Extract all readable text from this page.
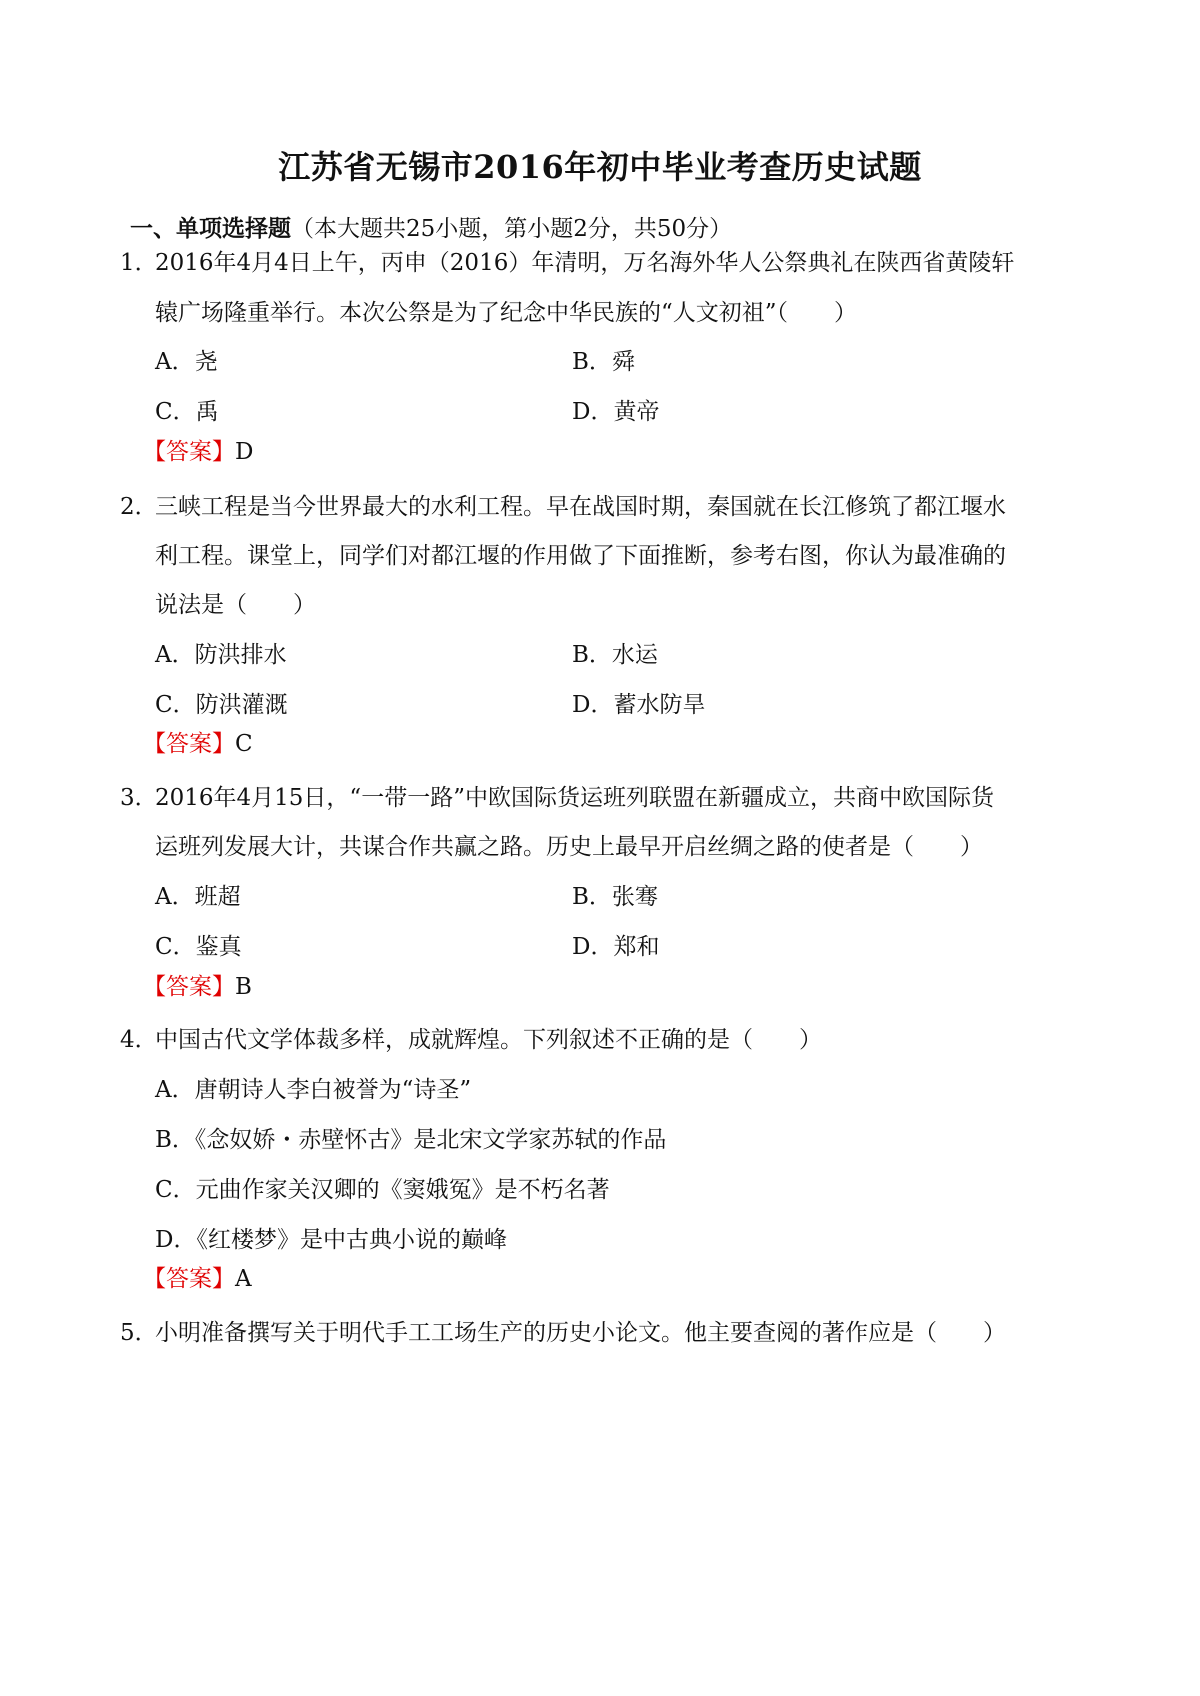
江苏省无锡市2016年初中毕业考查历史试题
一、单项选择题（本大题共25小题，第小题2分，共50分）
1．
2016年4月4日上午，丙申（2016）年清明，万名海外华人公祭典礼在陕西省黄陵轩
辕广场隆重举行。本次公祭是为了纪念中华民族的“人文初祖”（　　）
A．尧	B．舜
C．禹	D．黄帝
【答案】D
2．
三峡工程是当今世界最大的水利工程。早在战国时期，秦国就在长江修筑了都江堰水
利工程。课堂上，同学们对都江堰的作用做了下面推断，参考右图，你认为最准确的
说法是（　　）
A．防洪排水	B．水运
C．防洪灌溉	D．蓄水防旱
【答案】C
3．
2016年4月15日，“一带一路”中欧国际货运班列联盟在新疆成立，共商中欧国际货
运班列发展大计，共谋合作共赢之路。历史上最早开启丝绸之路的使者是（　　）
A．班超	B．张骞
C．鉴真	D．郑和
【答案】B
4．
中国古代文学体裁多样，成就辉煌。下列叙述不正确的是（　　）
A．唐朝诗人李白被誉为“诗圣”
B．《念奴娇・赤壁怀古》是北宋文学家苏轼的作品
C．元曲作家关汉卿的《窦娥冤》是不朽名著
D．《红楼梦》是中古典小说的巅峰
【答案】A
5．
小明准备撰写关于明代手工工场生产的历史小论文。他主要查阅的著作应是（　　）
